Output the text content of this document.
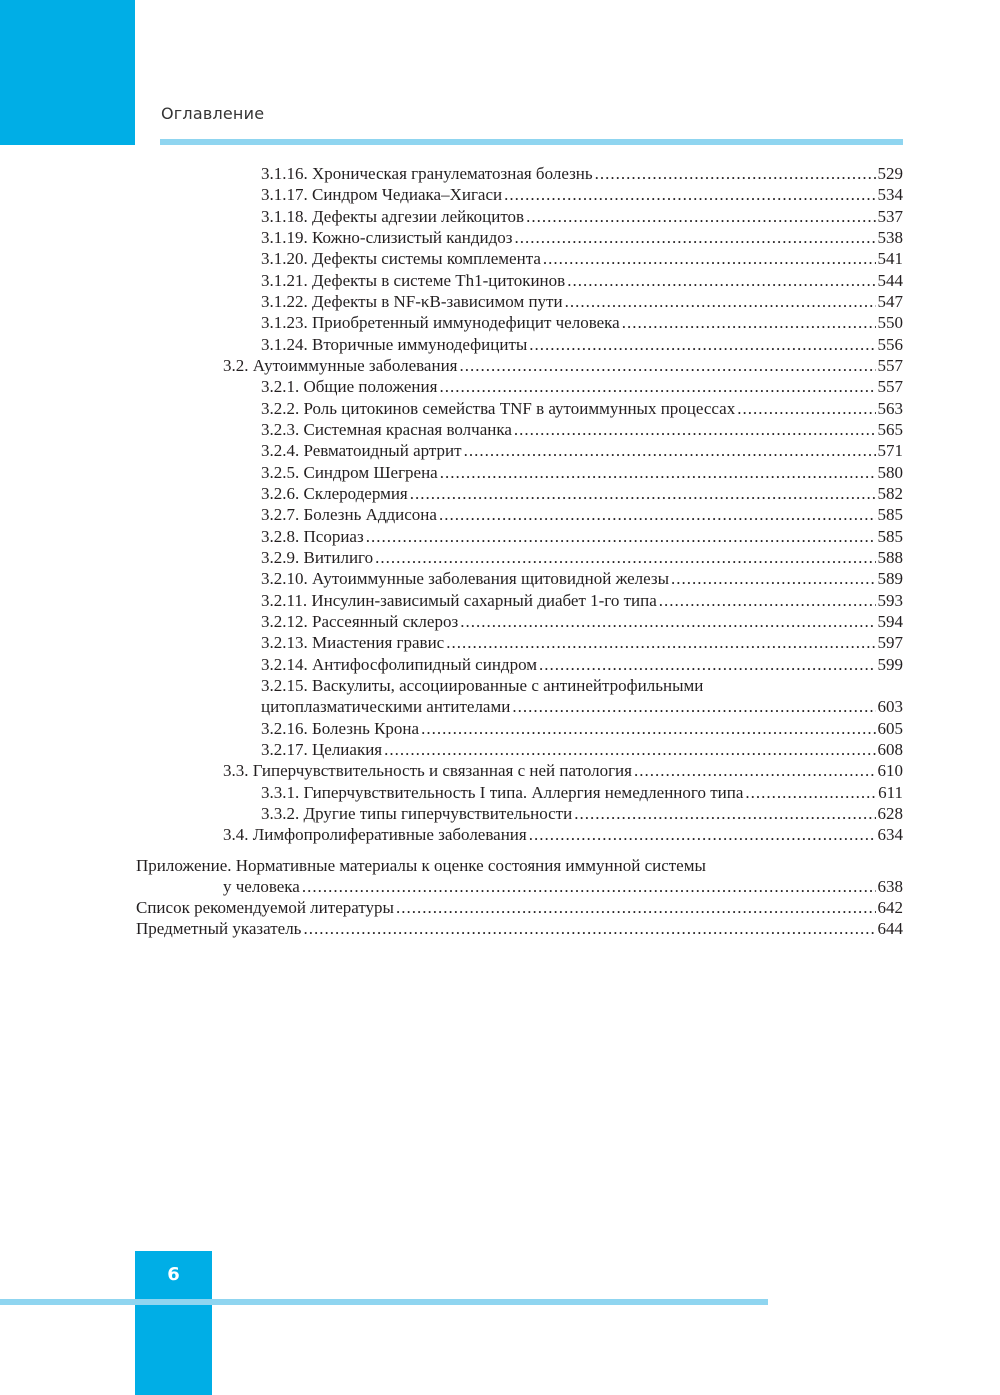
Оглавление
3.1.16. Хроническая гранулематозная болезнь .....	529
3.1.17. Синдром Чедиака–Хигаси .....	534
3.1.18. Дефекты адгезии лейкоцитов .....	537
3.1.19. Кожно-слизистый кандидоз .....	538
3.1.20. Дефекты системы комплемента .....	541
3.1.21. Дефекты в системе Th1-цитокинов .....	544
3.1.22. Дефекты в NF-κB-зависимом пути .....	547
3.1.23. Приобретенный иммунодефицит человека .....	550
3.1.24. Вторичные иммунодефициты .....	556
3.2. Аутоиммунные заболевания .....	557
3.2.1. Общие положения .....	557
3.2.2. Роль цитокинов семейства TNF в аутоиммунных процессах .....	563
3.2.3. Системная красная волчанка .....	565
3.2.4. Ревматоидный артрит .....	571
3.2.5. Синдром Шегрена .....	580
3.2.6. Склеродермия .....	582
3.2.7. Болезнь Аддисона .....	585
3.2.8. Псориаз .....	585
3.2.9. Витилиго .....	588
3.2.10. Аутоиммунные заболевания щитовидной железы .....	589
3.2.11. Инсулин-зависимый сахарный диабет 1-го типа .....	593
3.2.12. Рассеянный склероз .....	594
3.2.13. Миастения гравис .....	597
3.2.14. Антифосфолипидный синдром .....	599
3.2.15. Васкулиты, ассоциированные с антинейтрофильными
цитоплазматическими антителами .....	603
3.2.16. Болезнь Крона .....	605
3.2.17. Целиакия .....	608
3.3. Гиперчувствительность и связанная с ней патология .....	610
3.3.1. Гиперчувствительность I типа. Аллергия немедленного типа .....	611
3.3.2. Другие типы гиперчувствительности .....	628
3.4. Лимфопролиферативные заболевания .....	634
Приложение. Нормативные материалы к оценке состояния иммунной системы
у человека .....	638
Список рекомендуемой литературы .....	642
Предметный указатель .....	644
6
